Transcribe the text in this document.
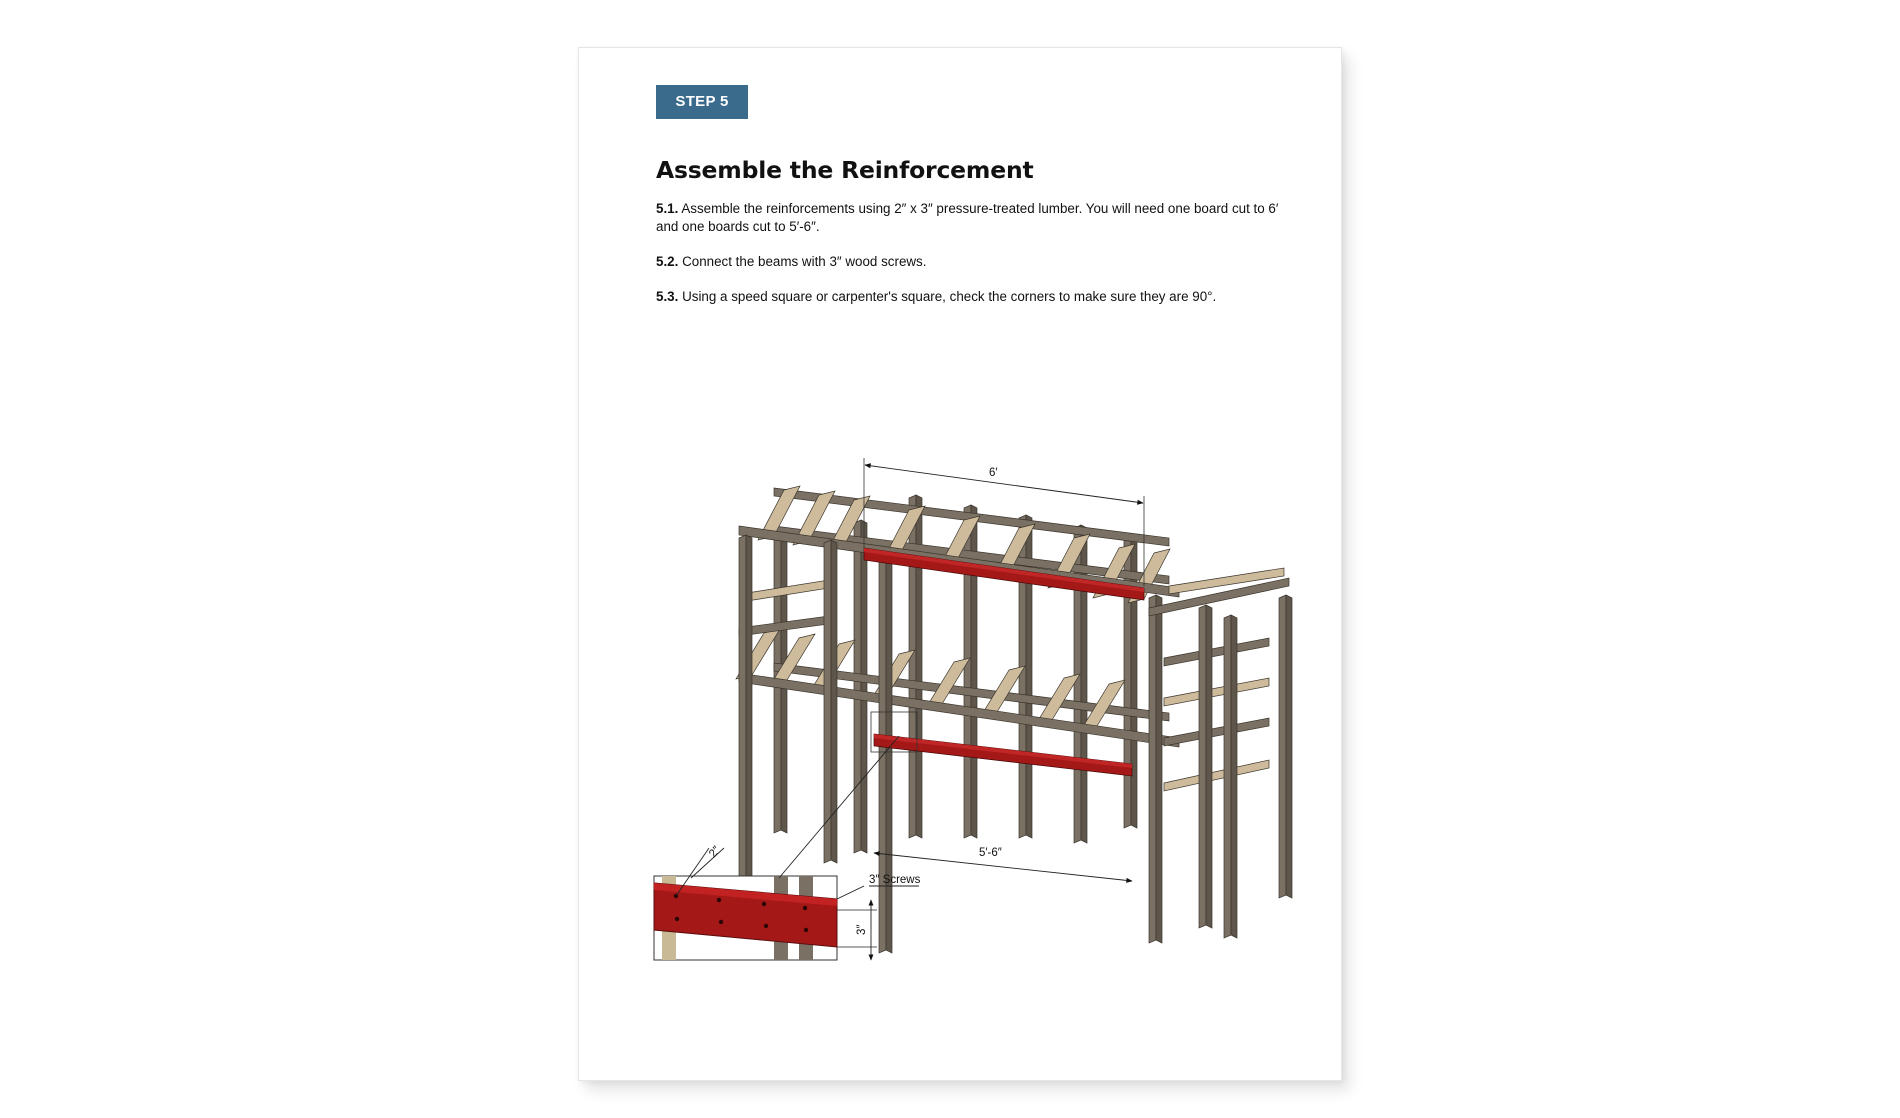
STEP 5
Assemble the Reinforcement

5.1. Assemble the reinforcements using 2″ x 3″ pressure-treated lumber. You will need one board cut to 6′ and one boards cut to 5′-6″.

5.2. Connect the beams with 3″ wood screws.

5.3. Using a speed square or carpenter's square, check the corners to make sure they are 90°.

2″
3″ Screws
3″
6′
5′-6″
